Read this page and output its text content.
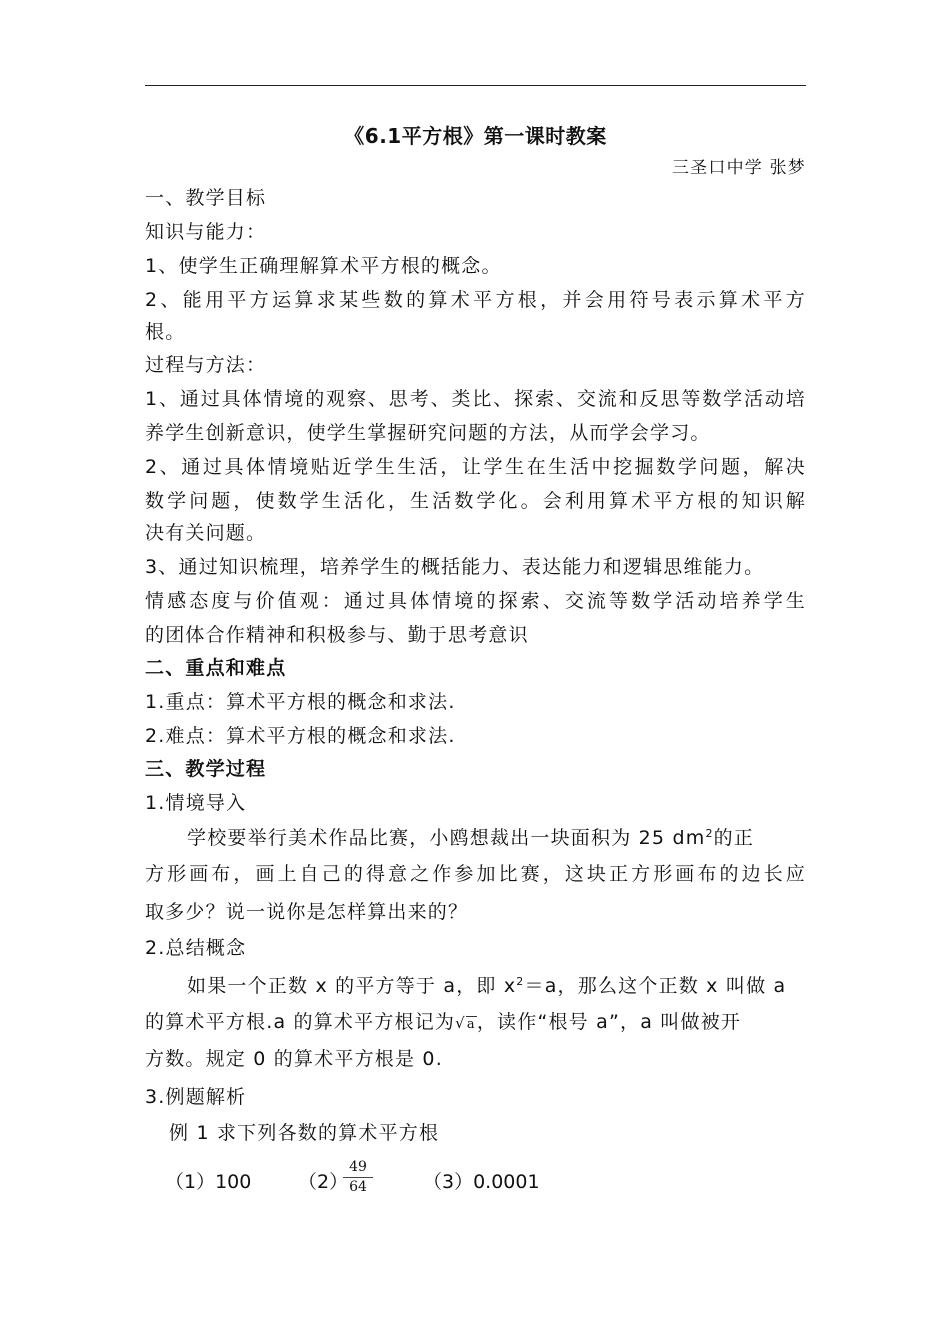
《6.1平方根》第一课时教案
三圣口中学 张梦
一、教学目标
知识与能力：
1、使学生正确理解算术平方根的概念。
2、能用平方运算求某些数的算术平方根，并会用符号表示算术平方
根。
过程与方法：
1、通过具体情境的观察、思考、类比、探索、交流和反思等数学活动培
养学生创新意识，使学生掌握研究问题的方法，从而学会学习。
2、通过具体情境贴近学生生活，让学生在生活中挖掘数学问题，解决
数学问题，使数学生活化，生活数学化。会利用算术平方根的知识解
决有关问题。
3、通过知识梳理，培养学生的概括能力、表达能力和逻辑思维能力。
情感态度与价值观：通过具体情境的探索、交流等数学活动培养学生
的团体合作精神和积极参与、勤于思考意识
二、重点和难点
1.重点：算术平方根的概念和求法.
2.难点：算术平方根的概念和求法.
三、教学过程
1.情境导入
学校要举行美术作品比赛，小鸥想裁出一块面积为 25 $dm^2$的正
方形画布，画上自己的得意之作参加比赛，这块正方形画布的边长应
取多少？说一说你是怎样算出来的？
2.总结概念
如果一个正数 x 的平方等于 a，即 $x^2=a$，那么这个正数 x 叫做 a
的算术平方根.a 的算术平方根记为√a，读作“根号 a”，a 叫做被开
方数。规定 0 的算术平方根是 0.
3.例题解析
例 1 求下列各数的算术平方根
（1）100 （2）
49
64	（3）0.0001
